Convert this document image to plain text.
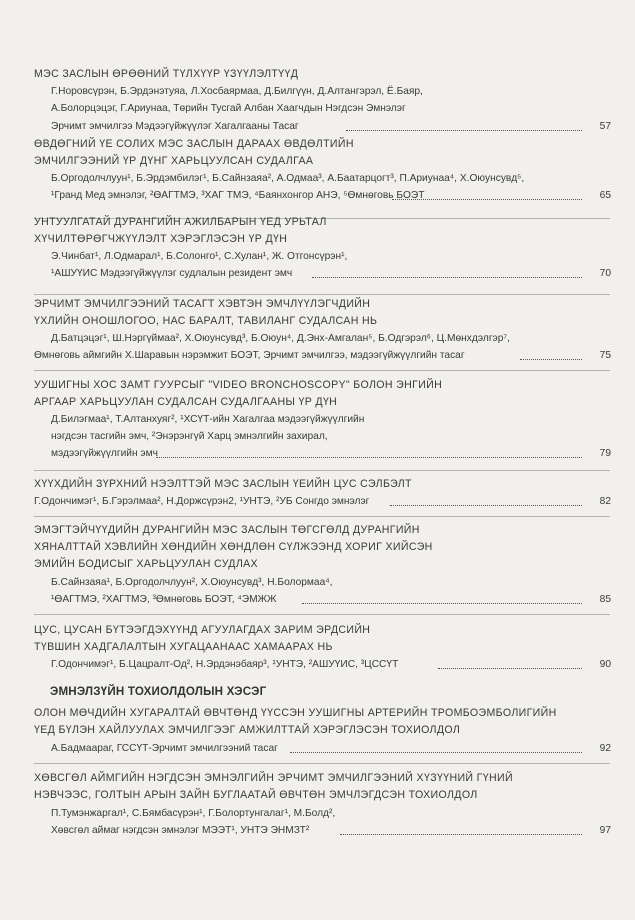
МЭС ЗАСЛЫН ӨРӨӨНИЙ ТҮЛХҮҮР ҮЗҮҮЛЭЛТҮҮД
Г.Норовсүрэн, Б.Эрдэнэтуяа, Л.Хосбаярмаа, Д.Билгүүн, Д.Алтангэрэл, Ё.Баяр,
А.Болорцэцэг, Г.Ариунаа, Төрийн Тусгай Албан Хаагчдын Нэгдсэн Эмнэлэг
Эрчимт эмчилгээ Мэдээгүйжүүлэг Хагалгааны Тасаг	57
ӨВДӨГНИЙ ҮЕ СОЛИХ МЭС ЗАСЛЫН ДАРААХ ӨВДӨЛТИЙН
ЭМЧИЛГЭЭНИЙ ҮР ДҮНГ ХАРЬЦУУЛСАН СУДАЛГАА
Б.Оргодолчлуун¹, Б.Эрдэмбилэг¹, Б.Сайнзаяа², А.Одмаа³, А.Баатарцогт³, П.Ариунаа⁴, Х.Оюунсувд⁵,
¹Гранд Мед эмнэлэг, ²ӨАГТМЭ, ³ХАГ ТМЭ, ⁴Баянхонгор АНЭ, ⁵Өмнөговь БОЭТ	65
УНТУУЛГАТАЙ ДУРАНГИЙН АЖИЛБАРЫН ҮЕД УРЬТАЛ
ХҮЧИЛТӨРӨГЧЖҮҮЛЭЛТ ХЭРЭГЛЭСЭН ҮР ДҮН
Э.Чинбат¹, Л.Одмарал¹, Б.Солонго¹, С.Хулан¹, Ж. Отгонсүрэн¹,
¹АШУҮИС Мэдээгүйжүүлэг судлалын резидент эмч	70
ЭРЧИМТ ЭМЧИЛГЭЭНИЙ ТАСАГТ ХЭВТЭН ЭМЧЛҮҮЛЭГЧДИЙН
ҮХЛИЙН ОНОШЛОГОО, НАС БАРАЛТ, ТАВИЛАНГ СУДАЛСАН НЬ
Д.Батцэцэг¹, Ш.Нэргүймаа², Х.Оюунсувд³, Б.Оюун⁴, Д.Энх-Амгалан⁵, Б.Одгэрэл⁶, Ц.Мөнхдэлгэр⁷,
Өмнөговь аймгийн Х.Шаравын нэрэмжит БОЭТ, Эрчимт эмчилгээ, мэдээгүйжүүлгийн тасаг	75
УУШИГНЫ ХОС ЗАМТ ГУУРСЫГ "VIDEO BRONCHOSCOPY" БОЛОН ЭНГИЙН
АРГААР ХАРЬЦУУЛАН СУДАЛСАН СУДАЛГААНЫ ҮР ДҮН
Д.Билэгмаа¹, Т.Алтанхуяг², ¹ХСҮТ-ийн Хагалгаа мэдээгүйжүүлгийн
нэгдсэн тасгийн эмч, ²Энэрэнгүй Харц эмнэлгийн захирал,
мэдээгүйжүүлгийн эмч	79
ХҮҮХДИЙН ЗҮРХНИЙ НЭЭЛТТЭЙ МЭС ЗАСЛЫН ҮЕИЙН ЦУС СЭЛБЭЛТ
Г.Одончимэг¹, Б.Гэрэлмаа², Н.Доржсүрэн2, ¹УНТЭ, ²УБ Сонгдо эмнэлэг	82
ЭМЭГТЭЙЧҮҮДИЙН ДУРАНГИЙН МЭС ЗАСЛЫН ТӨГСГӨЛД ДУРАНГИЙН
ХЯНАЛТТАЙ ХЭВЛИЙН ХӨНДИЙН ХӨНДЛӨН СҮЛЖЭЭНД ХОРИГ ХИЙСЭН
ЭМИЙН БОДИСЫГ ХАРЬЦУУЛАН СУДЛАХ
Б.Сайнзаяа¹, Б.Оргодолчлуун², Х.Оюунсувд³, Н.Болормаа⁴,
¹ӨАГТМЭ, ²ХАГТМЭ, ³Өмнөговь БОЭТ, ⁴ЭМЖЖ	85
ЦУС, ЦУСАН БҮТЭЭГДЭХҮҮНД АГУУЛАГДАХ ЗАРИМ ЭРДСИЙН
ТҮВШИН ХАДГАЛАЛТЫН ХУГАЦААНААС ХАМААРАХ НЬ
Г.Одончимэг¹, Б.Цацралт-Од², Н.Эрдэнэбаяр³, ¹УНТЭ, ²АШУҮИС, ³ЦССҮТ	90
ЭМНЭЛЗҮЙН ТОХИОЛДОЛЫН ХЭСЭГ
ОЛОН МӨЧДИЙН ХУГАРАЛТАЙ ӨВЧТӨНД ҮҮССЭН УУШИГНЫ АРТЕРИЙН ТРОМБОЭМБОЛИГИЙН
ҮЕД БҮЛЭН ХАЙЛУУЛАХ ЭМЧИЛГЭЭГ АМЖИЛТТАЙ ХЭРЭГЛЭСЭН ТОХИОЛДОЛ
А.Бадмаараг, ГССҮТ-Эрчимт эмчилгээний тасаг	92
ХӨВСГӨЛ АЙМГИЙН НЭГДСЭН ЭМНЭЛГИЙН ЭРЧИМТ ЭМЧИЛГЭЭНИЙ ХҮЗҮҮНИЙ ГҮНИЙ
НЭВЧЭЭС, ГОЛТЫН АРЫН ЗАЙН БУГЛААТАЙ ӨВЧТӨН ЭМЧЛЭГДСЭН ТОХИОЛДОЛ
П.Тумэнжаргал¹, С.Бямбасүрэн¹, Г.Болортунгалаг¹, М.Болд²,
Хөвсгөл аймаг нэгдсэн эмнэлэг МЭЭТ¹, УНТЭ ЭНМЗТ²	97
